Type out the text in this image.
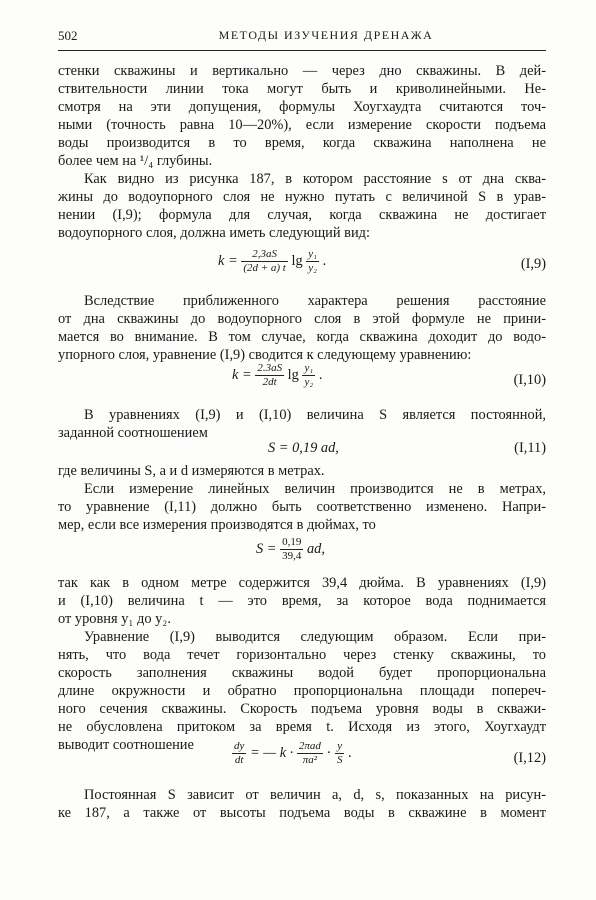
502	МЕТОДЫ ИЗУЧЕНИЯ ДРЕНАЖА
стенки скважины и вертикально — через дно скважины. В дей-
ствительности линии тока могут быть и криволинейными. Не-
смотря на эти допущения, формулы Хоугхаудта считаются точ-
ными (точность равна 10—20%), если измерение скорости подъема
воды производится в то время, когда скважина наполнена не
более чем на ¹/₄ глубины.
Как видно из рисунка 187, в котором расстояние s от дна сква-
жины до водоупорного слоя не нужно путать с величиной S в урав-
нении (I,9); формула для случая, когда скважина не достигает
водоупорного слоя, должна иметь следующий вид:
$k = \frac{2,3aS}{(2d + a) t}$ $\lg \frac{\text{y₁}}{\text{y₂}}$ .	(I,9)
Вследствие приближенного характера решения расстояние
от дна скважины до водоупорного слоя в этой формуле не прини-
мается во внимание. В том случае, когда скважина доходит до водо-
упорного слоя, уравнение (I,9) сводится к следующему уравнению:
$k = \frac{2.3aS}{2dt}$ $\lg \frac{\text{y₁}}{\text{y₂}}$ .	(I,10)
В уравнениях (I,9) и (I,10) величина S является постоянной,
заданной соотношением
S = 0,19 ad,	(I,11)
где величины S, a и d измеряются в метрах.
Если измерение линейных величин производится не в метрах,
то уравнение (I,11) должно быть соответственно изменено. Напри-
мер, если все измерения производятся в дюймах, то
$S = \frac{0,19}{39,4}$ ad,
так как в одном метре содержится 39,4 дюйма. В уравнениях (I,9)
и (I,10) величина t — это время, за которое вода поднимается
от уровня y₁ до y₂.
Уравнение (I,9) выводится следующим образом. Если при-
нять, что вода течет горизонтально через стенку скважины, то
скорость заполнения скважины водой будет пропорциональна
длине окружности и обратно пропорциональна площади попереч-
ного сечения скважины. Скорость подъема уровня воды в скважи-
не обусловлена притоком за время t. Исходя из этого, Хоугхаудт
выводит соотношение	$\frac{dy}{dt}$ = — $k \cdot \frac{\text{2πad}}{\text{πa²}} \cdot \frac{y}{S}$ .	(I,12)
Постоянная S зависит от величин a, d, s, показанных на рисун-
ке 187, а также от высоты подъема воды в скважине в момент
